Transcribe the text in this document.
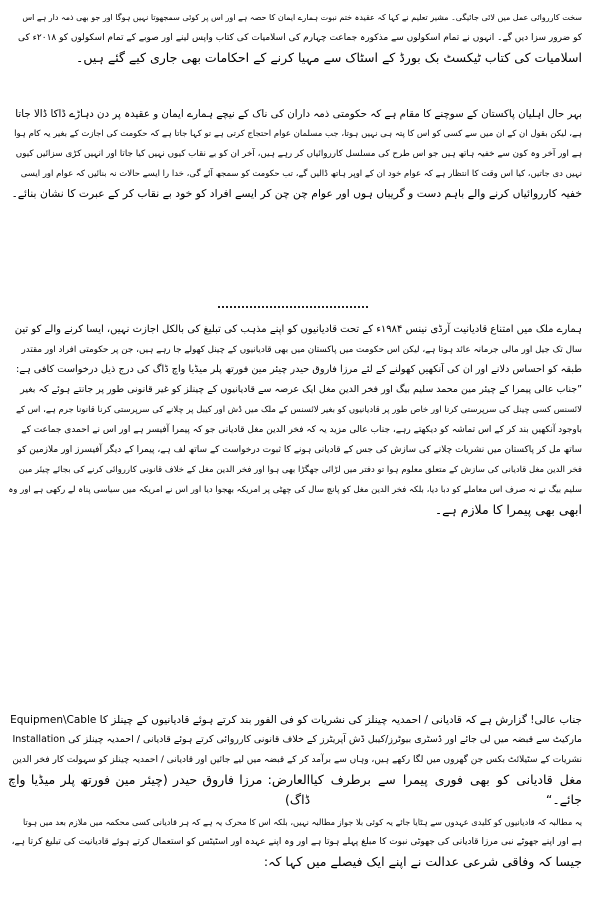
سخت کارروائی عمل میں لائی جائیگی۔ مشیر تعلیم نے کہا کہ عقیدہ ختم نبوت ہمارے ایمان کا حصہ ہے اور اس پر کوئی سمجھوتا نہیں ہوگا اور جو بھی ذمہ دار ہے اس
کو ضرور سزا دیں گے۔ انہوں نے تمام اسکولوں سے مذکورہ جماعت چہارم کی اسلامیات کی کتاب واپس لینے اور صوبے کے تمام اسکولوں کو ۲۰۱۸ء کی
اسلامیات کی کتاب ٹیکسٹ بک بورڈ کے اسٹاک سے مہیا کرنے کے احکامات بھی جاری کیے گئے ہیں۔
بہر حال اہلیان پاکستان کے سوچنے کا مقام ہے کہ حکومتی ذمہ داران کی ناک کے نیچے ہمارے ایمان و عقیدہ پر دن دہاڑے ڈاکا ڈالا جاتا
ہے، لیکن بقول ان کے ان میں سے کسی کو اس کا پتہ ہی نہیں ہوتا، جب مسلمان عوام احتجاج کرتی ہے تو کہا جاتا ہے کہ حکومت کی اجازت کے بغیر یہ کام ہوا
ہے اور آخر وہ کون سے خفیہ ہاتھ ہیں جو اس طرح کی مسلسل کارروائیاں کر رہے ہیں، آخر ان کو بے نقاب کیوں نہیں کیا جاتا اور انہیں کڑی سزائیں کیوں
نہیں دی جاتیں، کیا اس وقت کا انتظار ہے کہ عوام خود ان کے اوپر ہاتھ ڈالیں گے، تب حکومت کو سمجھ آئے گی، خدا را ایسے حالات نہ بنائیں کہ عوام اور ایسی
خفیہ کارروائیاں کرنے والے باہم دست و گریباں ہوں اور عوام چن چن کر ایسے افراد کو خود بے نقاب کر کے عبرت کا نشان بنائے۔
ہمارے ملک میں امتناع قادیانیت آرڈی نینس ۱۹۸۴ء کے تحت قادیانیوں کو اپنے مذہب کی تبلیغ کی بالکل اجازت نہیں، ایسا کرنے والے کو تین
سال تک جیل اور مالی جرمانہ عائد ہوتا ہے، لیکن اس حکومت میں پاکستان میں بھی قادیانیوں کے چینل کھولے جا رہے ہیں، جن پر حکومتی افراد اور مقتدر
طبقہ کو احساس دلانے اور ان کی آنکھیں کھولنے کے لئے مرزا فاروق حیدر چیئر مین فورتھ پلر میڈیا واچ ڈاگ کی درج ذیل درخواست کافی ہے:
”جناب عالی پیمرا کے چیئر مین محمد سلیم بیگ اور فخر الدین مغل ایک عرصہ سے قادیانیوں کے چینلز کو غیر قانونی طور پر جانتے ہوئے کہ بغیر
لائسنس کسی چینل کی سرپرستی کرنا اور خاص طور پر قادیانیوں کو بغیر لائسنس کے ملک میں ڈش اور کیبل پر چلانے کی سرپرستی کرنا قانونا جرم ہے، اس کے
باوجود آنکھیں بند کر کے اس تماشہ کو دیکھتے رہے، جناب عالی مزید یہ کہ فخر الدین مغل قادیانی جو کہ پیمرا آفیسر ہے اور اس نے احمدی جماعت کے
ساتھ مل کر پاکستان میں نشریات چلانے کی سازش کی جس کے قادیانی ہونے کا ثبوت درخواست کے ساتھ لف ہے، پیمرا کے دیگر آفیسرز اور ملازمین کو
فخر الدین مغل قادیانی کی سازش کے متعلق معلوم ہوا تو دفتر میں لڑائی جھگڑا بھی ہوا اور فخر الدین مغل کے خلاف قانونی کارروائی کرنے کی بجائے چیئر مین
سلیم بیگ نے نہ صرف اس معاملے کو دبا دیا، بلکہ فخر الدین مغل کو پانچ سال کی چھٹی پر امریکہ بھجوا دیا اور اس نے امریکہ میں سیاسی پناہ لے رکھی ہے اور وہ
ابھی بھی پیمرا کا ملازم ہے۔
جناب عالی! گزارش ہے کہ قادیانی / احمدیہ چینلز کی نشریات کو فی الفور بند کرتے ہوئے قادیانیوں کے چینلز کا Equipmen\Cable
Installation مارکیٹ سے قبضہ میں لی جائے اور ڈسٹری بیوٹرز/کیبل ڈش آپریٹرز کے خلاف قانونی کارروائی کرتے ہوئے قادیانی / احمدیہ چینلز کی
نشریات کے سٹیلائٹ بکس جن گھروں میں لگا رکھے ہیں، وہاں سے برآمد کر کے قبضہ میں لیے جائیں اور قادیانی / احمدیہ چینلز کو سہولت کار فخر الدین
مغل قادیانی کو بھی فوری پیمرا سے برطرف کیا جائے۔“
العارض: مرزا فاروق حیدر (چیئر مین فورتھ پلر میڈیا واچ ڈاگ)
یہ مطالبہ کہ قادیانیوں کو کلیدی عہدوں سے ہٹایا جائے یہ کوئی بلا جواز مطالبہ نہیں، بلکہ اس کا محرک یہ ہے کہ ہر قادیانی کسی محکمہ میں ملازم بعد میں ہوتا
ہے اور اپنے جھوٹے نبی مرزا قادیانی کی جھوٹی نبوت کا مبلغ پہلے ہوتا ہے اور وہ اپنے عہدہ اور اسٹیٹس کو استعمال کرتے ہوئے قادیانیت کی تبلیغ کرتا ہے،
جیسا کہ وفاقی شرعی عدالت نے اپنے ایک فیصلے میں کہا کہ:
